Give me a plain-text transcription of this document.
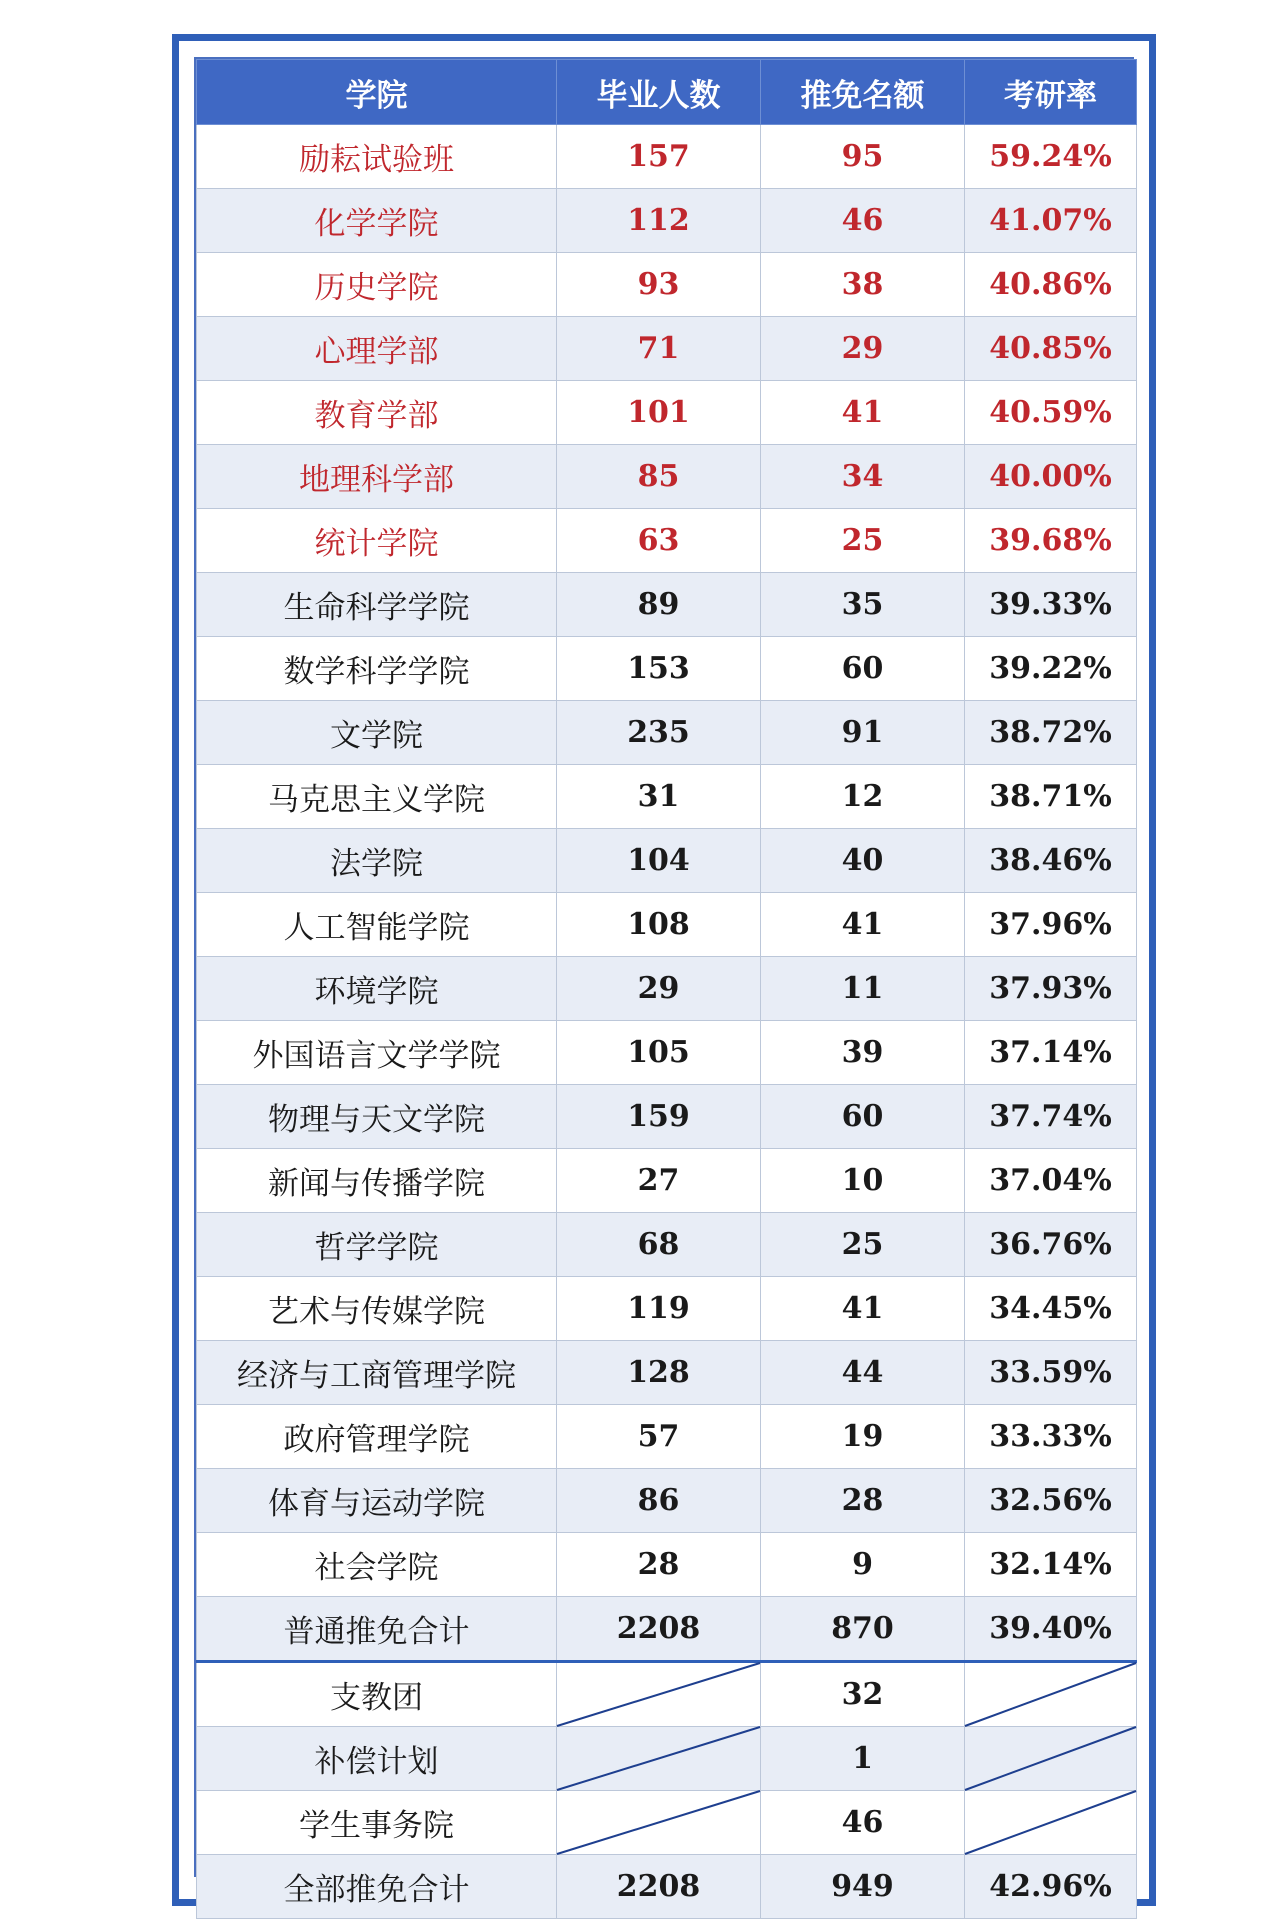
学院	毕业人数	推免名额	考研率
励耘试验班	157	95	59.24%
化学学院	112	46	41.07%
历史学院	93	38	40.86%
心理学部	71	29	40.85%
教育学部	101	41	40.59%
地理科学部	85	34	40.00%
统计学院	63	25	39.68%
生命科学学院	89	35	39.33%
数学科学学院	153	60	39.22%
文学院	235	91	38.72%
马克思主义学院	31	12	38.71%
法学院	104	40	38.46%
人工智能学院	108	41	37.96%
环境学院	29	11	37.93%
外国语言文学学院	105	39	37.14%
物理与天文学院	159	60	37.74%
新闻与传播学院	27	10	37.04%
哲学学院	68	25	36.76%
艺术与传媒学院	119	41	34.45%
经济与工商管理学院	128	44	33.59%
政府管理学院	57	19	33.33%
体育与运动学院	86	28	32.56%
社会学院	28	9	32.14%
普通推免合计	2208	870	39.40%
支教团		32	

补偿计划		1	

学生事务院		46	

全部推免合计	2208	949	42.96%
